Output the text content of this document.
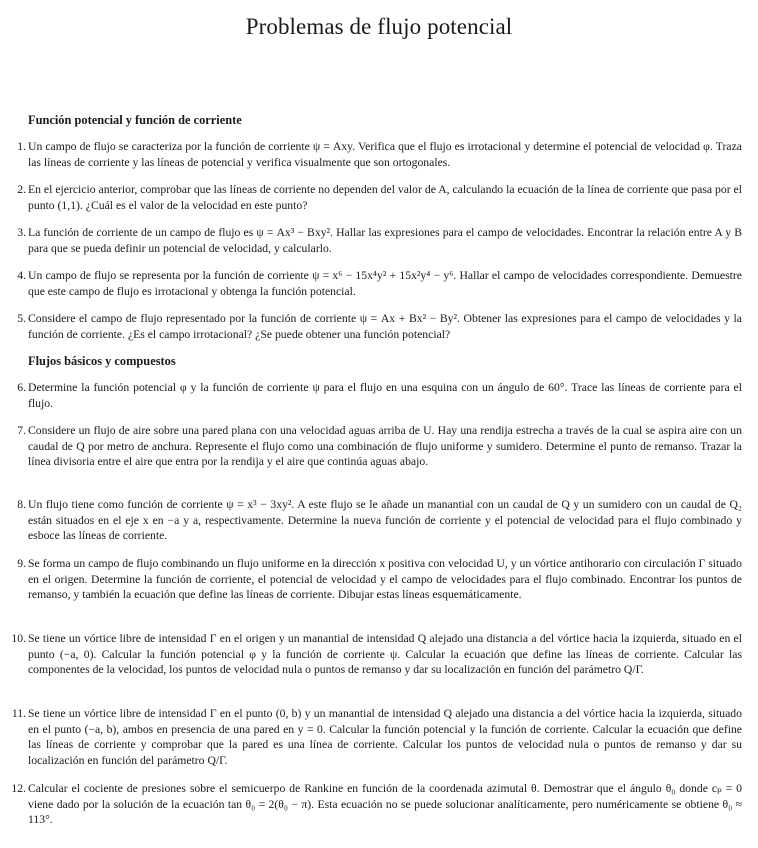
Problemas de flujo potencial
Función potencial y función de corriente
1. Un campo de flujo se caracteriza por la función de corriente ψ = Axy. Verifica que el flujo es irrotacional y determine el potencial de velocidad φ. Traza las líneas de corriente y las líneas de potencial y verifica visualmente que son ortogonales.
2. En el ejercicio anterior, comprobar que las líneas de corriente no dependen del valor de A, calculando la ecuación de la línea de corriente que pasa por el punto (1,1). ¿Cuál es el valor de la velocidad en este punto?
3. La función de corriente de un campo de flujo es ψ = Ax³ − Bxy². Hallar las expresiones para el campo de velocidades. Encontrar la relación entre A y B para que se pueda definir un potencial de velocidad, y calcularlo.
4. Un campo de flujo se representa por la función de corriente ψ = x⁶ − 15x⁴y² + 15x²y⁴ − y⁶. Hallar el campo de velocidades correspondiente. Demuestre que este campo de flujo es irrotacional y obtenga la función potencial.
5. Considere el campo de flujo representado por la función de corriente ψ = Ax + Bx² − By². Obtener las expresiones para el campo de velocidades y la función de corriente. ¿Es el campo irrotacional? ¿Se puede obtener una función potencial?
Flujos básicos y compuestos
6. Determine la función potencial φ y la función de corriente ψ para el flujo en una esquina con un ángulo de 60°. Trace las líneas de corriente para el flujo.
7. Considere un flujo de aire sobre una pared plana con una velocidad aguas arriba de U. Hay una rendija estrecha a través de la cual se aspira aire con un caudal de Q por metro de anchura. Represente el flujo como una combinación de flujo uniforme y sumidero. Determine el punto de remanso. Trazar la línea divisoria entre el aire que entra por la rendija y el aire que continúa aguas abajo.
8. Un flujo tiene como función de corriente ψ = x³ − 3xy². A este flujo se le añade un manantial con un caudal de Q y un sumidero con un caudal de Q₂ están situados en el eje x en −a y a, respectivamente. Determine la nueva función de corriente y el potencial de velocidad para el flujo combinado y esboce las líneas de corriente.
9. Se forma un campo de flujo combinando un flujo uniforme en la dirección x positiva con velocidad U, y un vórtice antihorario con circulación Γ situado en el origen. Determine la función de corriente, el potencial de velocidad y el campo de velocidades para el flujo combinado. Encontrar los puntos de remanso, y también la ecuación que define las líneas de corriente. Dibujar estas líneas esquemáticamente.
10. Se tiene un vórtice libre de intensidad Γ en el origen y un manantial de intensidad Q alejado una distancia a del vórtice hacia la izquierda, situado en el punto (−a, 0). Calcular la función potencial φ y la función de corriente ψ. Calcular la ecuación que define las líneas de corriente. Calcular las componentes de la velocidad, los puntos de velocidad nula o puntos de remanso y dar su localización en función del parámetro Q/Γ.
11. Se tiene un vórtice libre de intensidad Γ en el punto (0, b) y un manantial de intensidad Q alejado una distancia a del vórtice hacia la izquierda, situado en el punto (−a, b), ambos en presencia de una pared en y = 0. Calcular la función potencial y la función de corriente. Calcular la ecuación que define las líneas de corriente y comprobar que la pared es una línea de corriente. Calcular los puntos de velocidad nula o puntos de remanso y dar su localización en función del parámetro Q/Γ.
12. Calcular el cociente de presiones sobre el semicuerpo de Rankine en función de la coordenada azimutal θ. Demostrar que el ángulo θ₀ donde cₚ = 0 viene dado por la solución de la ecuación tan θ₀ = 2(θ₀ − π). Esta ecuación no se puede solucionar analíticamente, pero numéricamente se obtiene θ₀ ≈ 113°.
